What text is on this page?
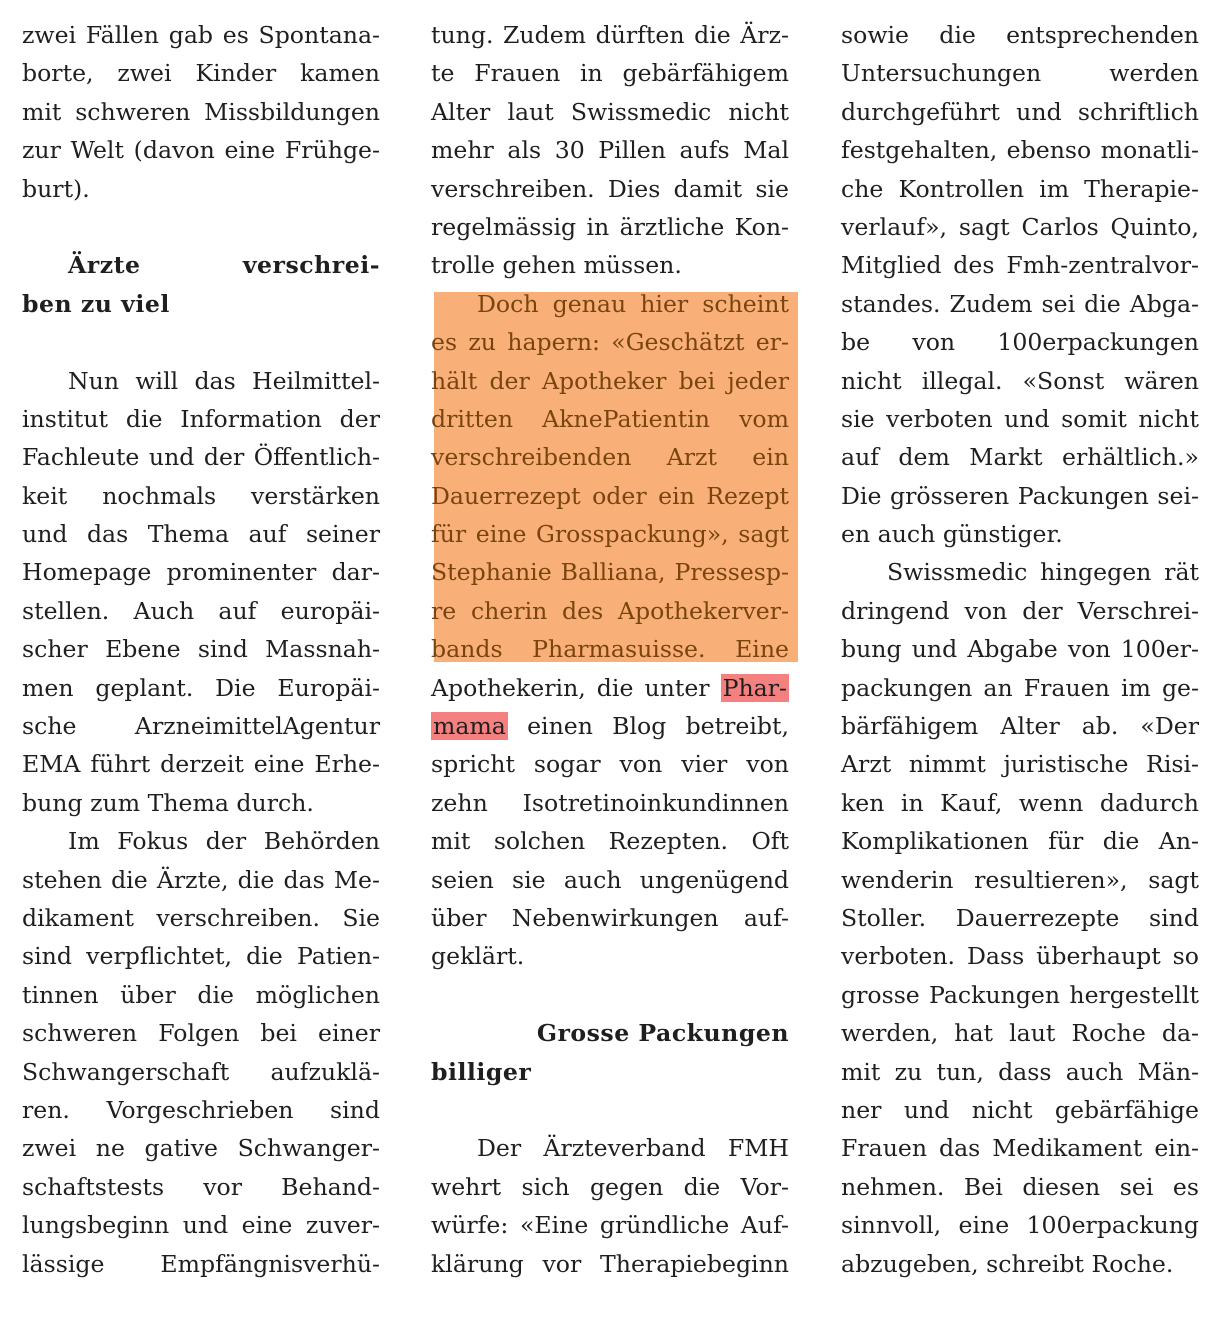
zwei Fällen gab es Spontana-
borte, zwei Kinder kamen
mit schweren Missbildungen
zur Welt (davon eine Frühge-
burt).
Ärzte verschrei-
ben zu viel
Nun will das Heilmittel-
institut die Information der
Fachleute und der Öffentlich-
keit nochmals verstärken
und das Thema auf seiner
Homepage prominenter dar-
stellen. Auch auf europäi-
scher Ebene sind Massnah-
men geplant. Die Europäi-
sche ArzneimittelAgentur
EMA führt derzeit eine Erhe-
bung zum Thema durch.
Im Fokus der Behörden
stehen die Ärzte, die das Me-
dikament verschreiben. Sie
sind verpflichtet, die Patien-
tinnen über die möglichen
schweren Folgen bei einer
Schwangerschaft aufzuklä-
ren. Vorgeschrieben sind
zwei ne gative Schwanger-
schaftstests vor Behand-
lungsbeginn und eine zuver-
lässige Empfängnisverhü-
tung. Zudem dürften die Ärz-
te Frauen in gebärfähigem
Alter laut Swissmedic nicht
mehr als 30 Pillen aufs Mal
verschreiben. Dies damit sie
regelmässig in ärztliche Kon-
trolle gehen müssen.
Doch genau hier scheint
es zu hapern: «Geschätzt er-
hält der Apotheker bei jeder
dritten AknePatientin vom
verschreibenden Arzt ein
Dauerrezept oder ein Rezept
für eine Grosspackung», sagt
Stephanie Balliana, Pressesp-
re cherin des Apothekerver-
bands Pharmasuisse. Eine
Apothekerin, die unter Phar-
mama einen Blog betreibt,
spricht sogar von vier von
zehn Isotretinoinkundinnen
mit solchen Rezepten. Oft
seien sie auch ungenügend
über Nebenwirkungen auf-
geklärt.
Grosse Packungen
billiger
Der Ärzteverband FMH
wehrt sich gegen die Vor-
würfe: «Eine gründliche Auf-
klärung vor Therapiebeginn
sowie die entsprechenden
Untersuchungen werden
durchgeführt und schriftlich
festgehalten, ebenso monatli-
che Kontrollen im Therapie-
verlauf», sagt Carlos Quinto,
Mitglied des Fmh-zentralvor-
standes. Zudem sei die Abga-
be von 100erpackungen
nicht illegal. «Sonst wären
sie verboten und somit nicht
auf dem Markt erhältlich.»
Die grösseren Packungen sei-
en auch günstiger.
Swissmedic hingegen rät
dringend von der Verschrei-
bung und Abgabe von 100er-
packungen an Frauen im ge-
bärfähigem Alter ab. «Der
Arzt nimmt juristische Risi-
ken in Kauf, wenn dadurch
Komplikationen für die An-
wenderin resultieren», sagt
Stoller. Dauerrezepte sind
verboten. Dass überhaupt so
grosse Packungen hergestellt
werden, hat laut Roche da-
mit zu tun, dass auch Män-
ner und nicht gebärfähige
Frauen das Medikament ein-
nehmen. Bei diesen sei es
sinnvoll, eine 100erpackung
abzugeben, schreibt Roche.
